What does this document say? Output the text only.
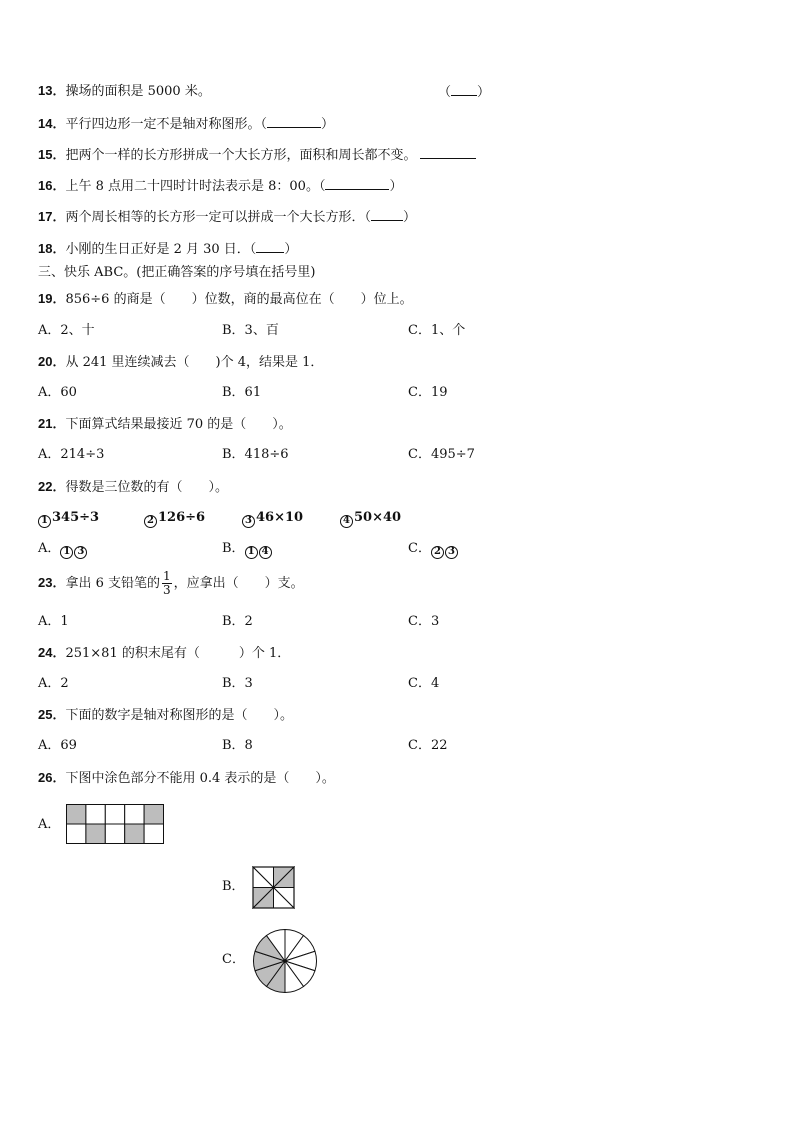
13．操场的面积是 5000 米。	（ ）
14．平行四边形一定不是轴对称图形。（	）
15．把两个一样的长方形拼成一个大长方形，面积和周长都不变。
16．上午 8 点用二十四时计时法表示是 8：00。（	）
17．两个周长相等的长方形一定可以拼成一个大长方形．（ ）
18．小刚的生日正好是 2 月 30 日．（ ）
三、快乐 ABC。(把正确答案的序号填在括号里)
19．856÷6 的商是（　　）位数，商的最高位在（　　）位上。
A．2、十	B．3、百	C．1、个
20．从 241 里连续减去（　　)个 4，结果是 1．
A．60	B．61	C．19
21．下面算式结果最接近 70 的是（　　）。
A．214÷3	B．418÷6	C．495÷7
22．得数是三位数的有（　　）。
1 345÷3	2 126÷6	3 46×10	4 50×40
A． 1 3	B． 1 4	C． 2 3
23．拿出 6 支铅笔的 $\frac{1}{3}$ ，应拿出（　　）支。
A．1	B．2	C．3
24．251×81 的积末尾有（　　　）个 1．
A．2	B．3	C．4
25．下面的数字是轴对称图形的是（　　）。
A．69	B．8	C．22
26．下图中涂色部分不能用 0.4 表示的是（　　）。
A．
B．
C．
